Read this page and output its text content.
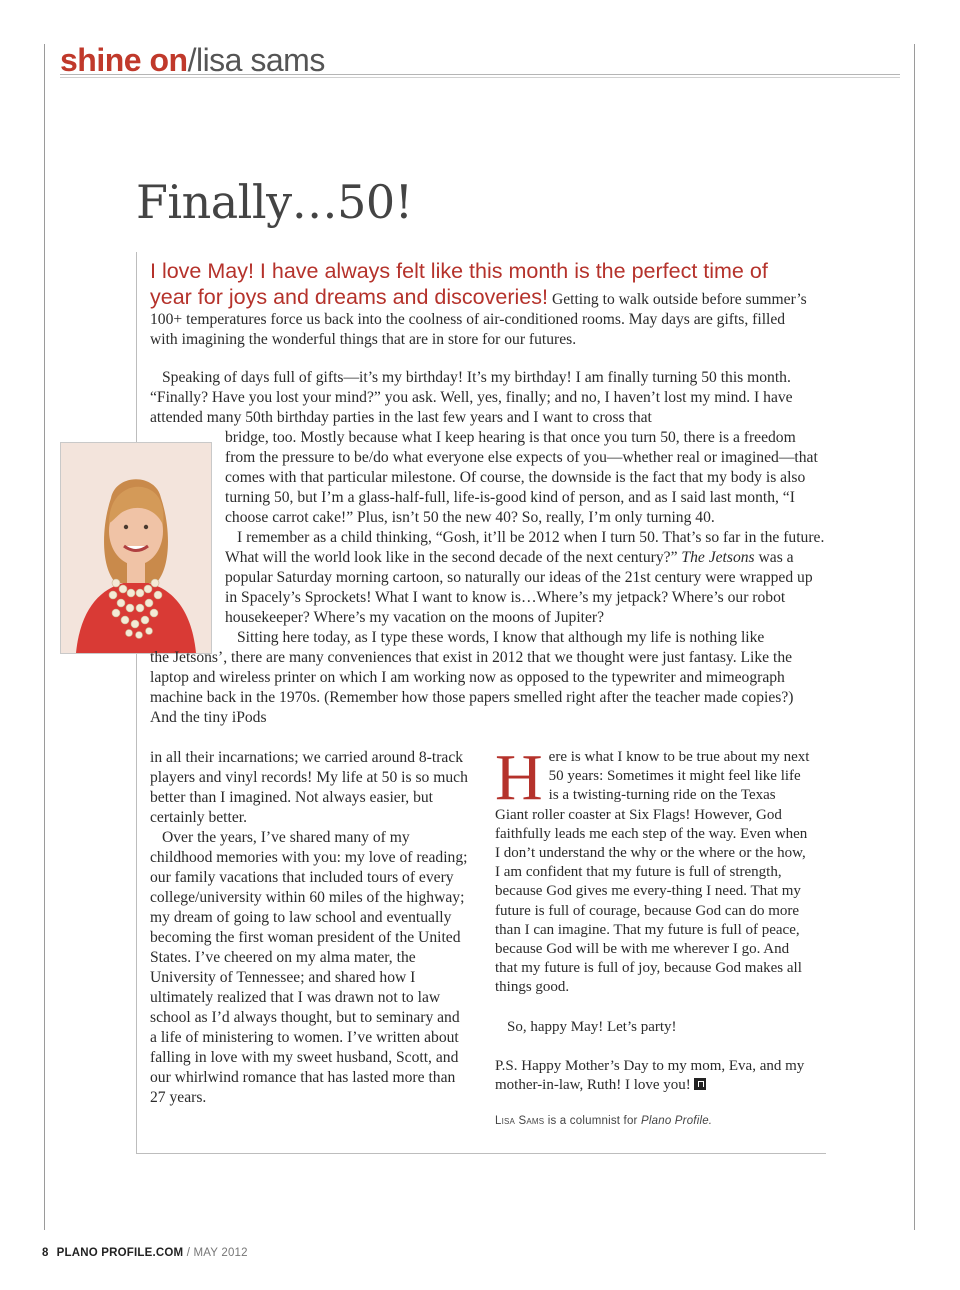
shine on/lisa sams
Finally…50!
I love May! I have always felt like this month is the perfect time of year for joys and dreams and discoveries! Getting to walk outside before summer’s 100+ temperatures force us back into the coolness of air-conditioned rooms. May days are gifts, filled with imagining the wonderful things that are in store for our futures.

Speaking of days full of gifts—it’s my birthday! It’s my birthday! I am finally turning 50 this month. “Finally? Have you lost your mind?” you ask. Well, yes, finally; and no, I haven’t lost my mind. I have attended many 50th birthday parties in the last few years and I want to cross that

bridge, too. Mostly because what I keep hearing is that once you turn 50, there is a freedom from the pressure to be/do what everyone else expects of you—whether real or imagined—that comes with that particular milestone. Of course, the downside is the fact that my body is also turning 50, but I’m a glass-half-full, life-is-good kind of person, and as I said last month, “I choose carrot cake!” Plus, isn’t 50 the new 40? So, really, I’m only turning 40.

I remember as a child thinking, “Gosh, it’ll be 2012 when I turn 50. That’s so far in the future. What will the world look like in the second decade of the next century?” The Jetsons was a popular Saturday morning cartoon, so naturally our ideas of the 21st century were wrapped up in Spacely’s Sprockets! What I want to know is…Where’s my jetpack? Where’s our robot housekeeper? Where’s my vacation on the moons of Jupiter?

Sitting here today, as I type these words, I know that although my life is nothing like

the Jetsons’, there are many conveniences that exist in 2012 that we thought were just fantasy. Like the laptop and wireless printer on which I am working now as opposed to the typewriter and mimeograph machine back in the 1970s. (Remember how those papers smelled right after the teacher made copies?) And the tiny iPods

in all their incarnations; we carried around 8-track players and vinyl records! My life at 50 is so much better than I imagined. Not always easier, but certainly better.

Over the years, I’ve shared many of my childhood memories with you: my love of reading; our family vacations that included tours of every college/university within 60 miles of the highway; my dream of going to law school and eventually becoming the first woman president of the United States. I’ve cheered on my alma mater, the University of Tennessee; and shared how I ultimately realized that I was drawn not to law school as I’d always thought, but to seminary and a life of ministering to women. I’ve written about falling in love with my sweet husband, Scott, and our whirlwind romance that has lasted more than 27 years.

H ere is what I know to be true about my next 50 years: Sometimes it might feel like life is a twisting-turning ride on the Texas Giant roller coaster at Six Flags! However, God faithfully leads me each step of the way. Even when I don’t understand the why or the where or the how, I am confident that my future is full of strength, because God gives me every-thing I need. That my future is full of courage, because God can do more than I can imagine. That my future is full of peace, because God will be with me wherever I go. And that my future is full of joy, because God makes all things good.

So, happy May! Let’s party!

P.S. Happy Mother’s Day to my mom, Eva, and my mother-in-law, Ruth! I love you!

Lisa Sams is a columnist for Plano Profile.
8 PLANO PROFILE.COM / MAY 2012
